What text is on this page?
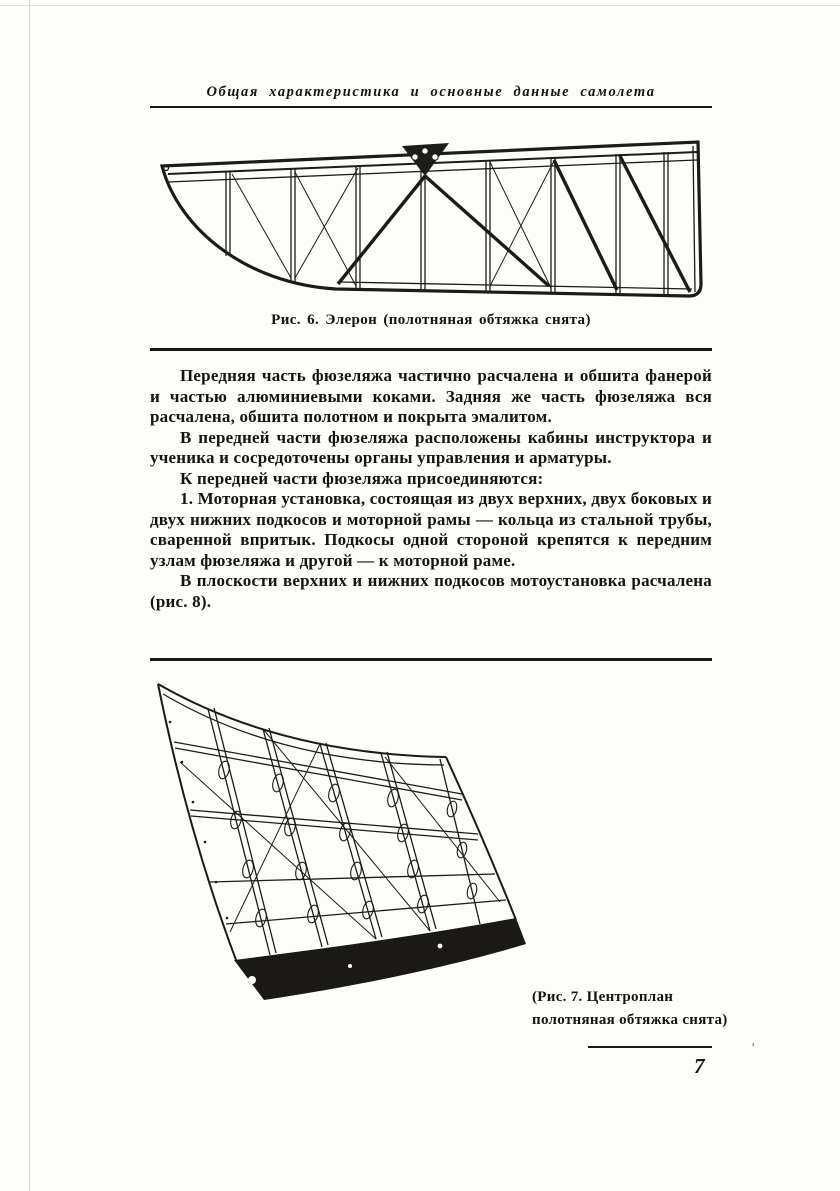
Общая характеристика и основные данные самолета
Рис. 6. Элерон (полотняная обтяжка снята)

Передняя часть фюзеляжа частично расчалена и обшита фанерой и частью алюминиевыми коками. Задняя же часть фюзеляжа вся расчалена, обшита полотном и покрыта эмалитом.

В передней части фюзеляжа расположены кабины инструктора и ученика и сосредоточены органы управления и арматуры.

К передней части фюзеляжа присоединяются:

1. Моторная установка, состоящая из двух верхних, двух боковых и двух нижних подкосов и моторной рамы — кольца из стальной трубы, сваренной впритык. Подкосы одной стороной крепятся к передним узлам фюзеляжа и другой — к моторной раме.

В плоскости верхних и нижних подкосов мотоустановка расчалена (рис. 8).

(Рис. 7. Центроплан
полотняная обтяжка снята)
7
'
